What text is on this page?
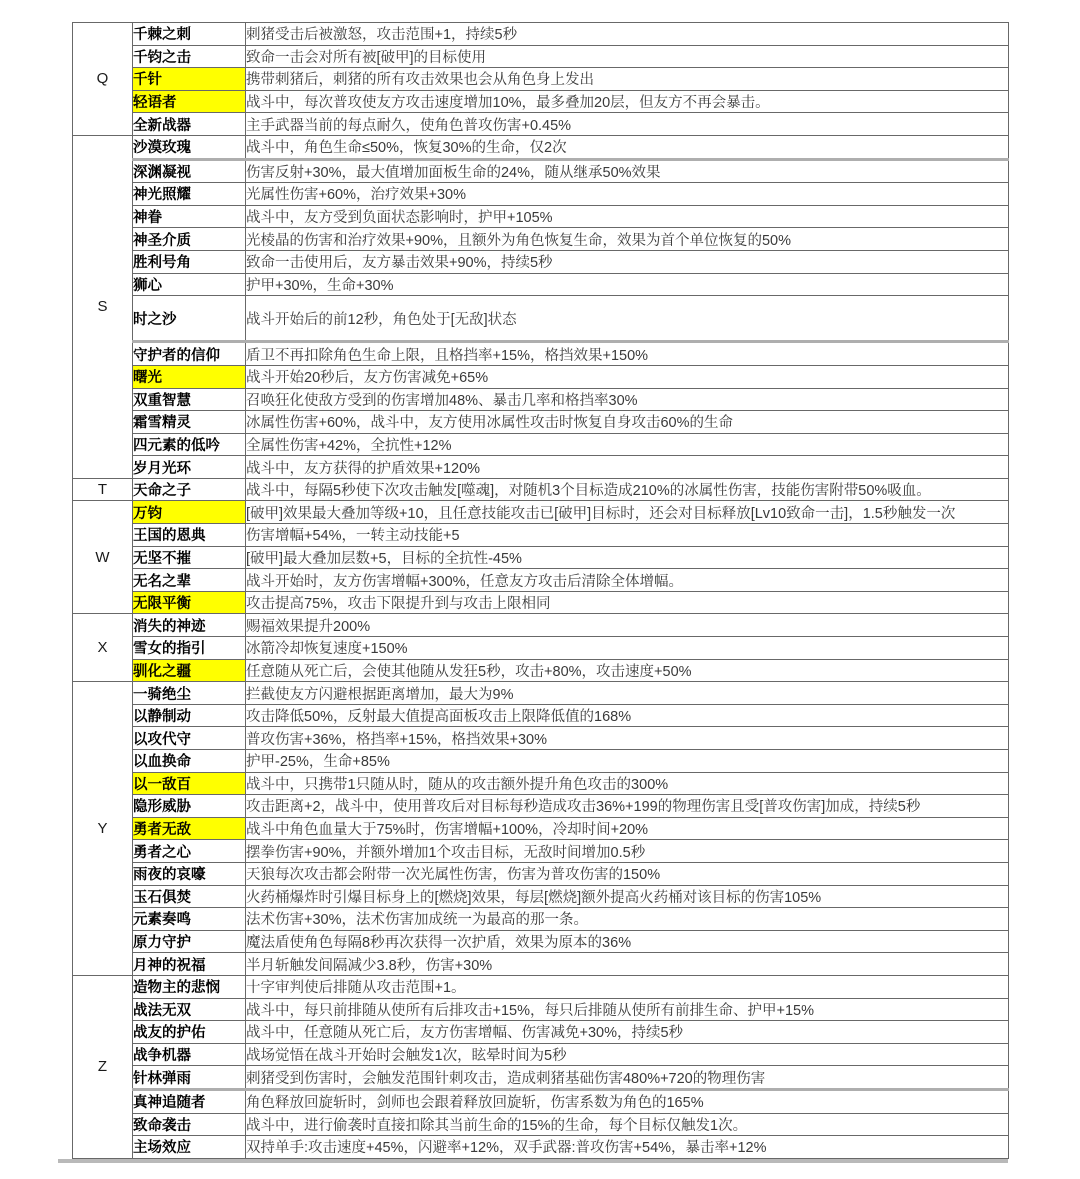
Q	千棘之刺	刺猪受击后被激怒，攻击范围+1，持续5秒
	千钧之击	致命一击会对所有被[破甲]的目标使用
	千针	携带刺猪后，刺猪的所有攻击效果也会从角色身上发出
	轻语者	战斗中，每次普攻使友方攻击速度增加10%，最多叠加20层，但友方不再会暴击。
	全新战器	主手武器当前的每点耐久，使角色普攻伤害+0.45%
S	沙漠玫瑰	战斗中，角色生命≤50%，恢复30%的生命，仅2次
	深渊凝视	伤害反射+30%，最大值增加面板生命的24%，随从继承50%效果
	神光照耀	光属性伤害+60%，治疗效果+30%
	神眷	战斗中，友方受到负面状态影响时，护甲+105%
	神圣介质	光棱晶的伤害和治疗效果+90%，且额外为角色恢复生命，效果为首个单位恢复的50%
	胜利号角	致命一击使用后，友方暴击效果+90%，持续5秒
	狮心	护甲+30%，生命+30%
	时之沙	战斗开始后的前12秒，角色处于[无敌]状态
	守护者的信仰	盾卫不再扣除角色生命上限，且格挡率+15%，格挡效果+150%
	曙光	战斗开始20秒后，友方伤害减免+65%
	双重智慧	召唤狂化使敌方受到的伤害增加48%、暴击几率和格挡率30%
	霜雪精灵	冰属性伤害+60%，战斗中，友方使用冰属性攻击时恢复自身攻击60%的生命
	四元素的低吟	全属性伤害+42%，全抗性+12%
	岁月光环	战斗中，友方获得的护盾效果+120%
T	天命之子	战斗中，每隔5秒使下次攻击触发[噬魂]，对随机3个目标造成210%的冰属性伤害，技能伤害附带50%吸血。
W	万钧	[破甲]效果最大叠加等级+10，且任意技能攻击已[破甲]目标时，还会对目标释放[Lv10致命一击]，1.5秒触发一次
	王国的恩典	伤害增幅+54%，一转主动技能+5
	无坚不摧	[破甲]最大叠加层数+5，目标的全抗性-45%
	无名之辈	战斗开始时，友方伤害增幅+300%，任意友方攻击后清除全体增幅。
	无限平衡	攻击提高75%，攻击下限提升到与攻击上限相同
X	消失的神迹	赐福效果提升200%
	雪女的指引	冰箭冷却恢复速度+150%
	驯化之疆	任意随从死亡后，会使其他随从发狂5秒，攻击+80%，攻击速度+50%
Y	一骑绝尘	拦截使友方闪避根据距离增加，最大为9%
	以静制动	攻击降低50%，反射最大值提高面板攻击上限降低值的168%
	以攻代守	普攻伤害+36%，格挡率+15%，格挡效果+30%
	以血换命	护甲-25%，生命+85%
	以一敌百	战斗中，只携带1只随从时，随从的攻击额外提升角色攻击的300%
	隐形威胁	攻击距离+2，战斗中，使用普攻后对目标每秒造成攻击36%+199的物理伤害且受[普攻伤害]加成，持续5秒
	勇者无敌	战斗中角色血量大于75%时，伤害增幅+100%，冷却时间+20%
	勇者之心	摆拳伤害+90%，并额外增加1个攻击目标，无敌时间增加0.5秒
	雨夜的哀嚎	天狼每次攻击都会附带一次光属性伤害，伤害为普攻伤害的150%
	玉石俱焚	火药桶爆炸时引爆目标身上的[燃烧]效果，每层[燃烧]额外提高火药桶对该目标的伤害105%
	元素奏鸣	法术伤害+30%，法术伤害加成统一为最高的那一条。
	原力守护	魔法盾使角色每隔8秒再次获得一次护盾，效果为原本的36%
	月神的祝福	半月斩触发间隔减少3.8秒，伤害+30%
Z	造物主的悲悯	十字审判使后排随从攻击范围+1。
	战法无双	战斗中，每只前排随从使所有后排攻击+15%，每只后排随从使所有前排生命、护甲+15%
	战友的护佑	战斗中，任意随从死亡后，友方伤害增幅、伤害减免+30%，持续5秒
	战争机器	战场觉悟在战斗开始时会触发1次，眩晕时间为5秒
	针林弹雨	刺猪受到伤害时，会触发范围针刺攻击，造成刺猪基础伤害480%+720的物理伤害
	真神追随者	角色释放回旋斩时，剑师也会跟着释放回旋斩，伤害系数为角色的165%
	致命袭击	战斗中，进行偷袭时直接扣除其当前生命的15%的生命，每个目标仅触发1次。
	主场效应	双持单手:攻击速度+45%，闪避率+12%，双手武器:普攻伤害+54%，暴击率+12%
